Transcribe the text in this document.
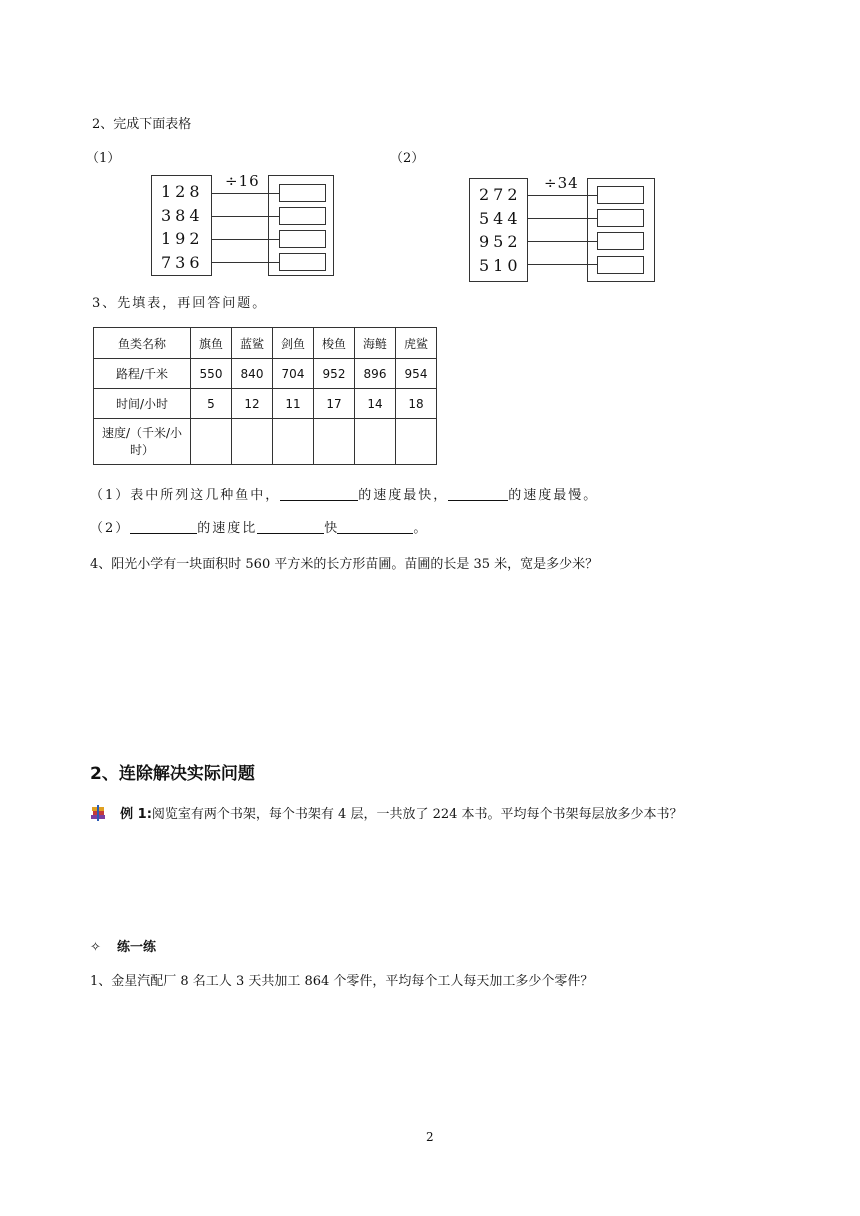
2、完成下面表格
（1）	（2）
÷16
128
384
192
736
÷34
272
544
952
510
3、先填表，再回答问题。
鱼类名称	旗鱼	蓝鲨	剑鱼	梭鱼	海鲢	虎鲨
路程/千米	550	840	704	952	896	954
时间/小时	5	12	11	17	14	18
速度/（千米/小时）						
（1）表中所列这几种鱼中，	的速度最快，	的速度最慢。
（2）	的速度比	快	。
4、阳光小学有一块面积时 560 平方米的长方形苗圃。苗圃的长是 35 米，宽是多少米？
2、连除解决实际问题
例 1:阅览室有两个书架，每个书架有 4 层，一共放了 224 本书。平均每个书架每层放多少本书？
✧ 练一练
1、金星汽配厂 8 名工人 3 天共加工 864 个零件，平均每个工人每天加工多少个零件？
2
